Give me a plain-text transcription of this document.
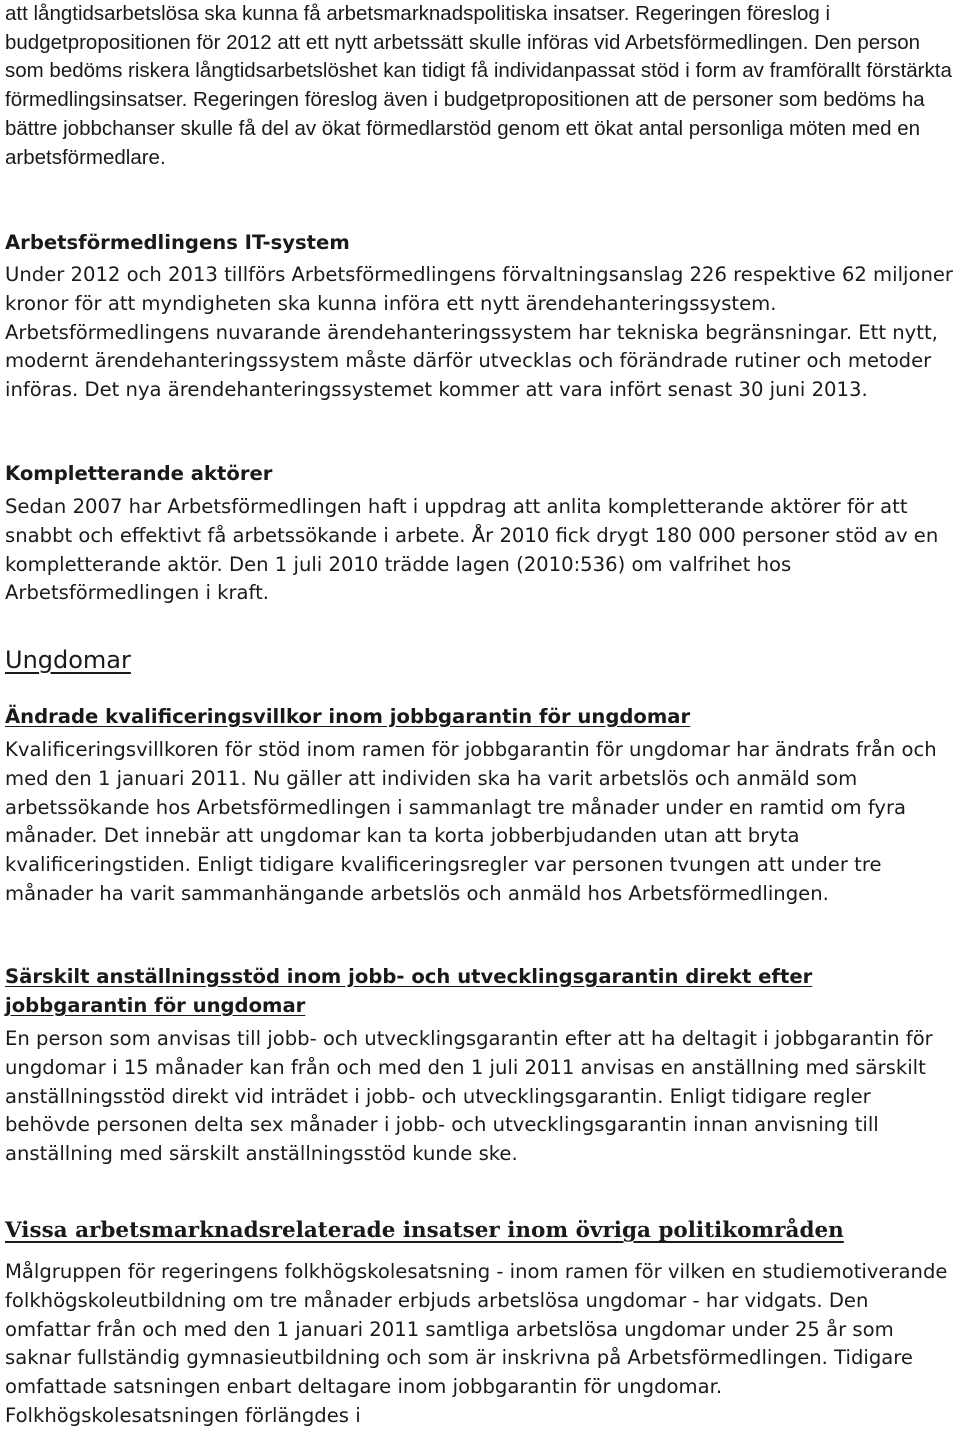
att långtidsarbetslösa ska kunna få arbetsmarknadspolitiska insatser. Regeringen föreslog i budgetpropositionen för 2012 att ett nytt arbetssätt skulle införas vid Arbetsförmedlingen. Den person som bedöms riskera långtidsarbetslöshet kan tidigt få individanpassat stöd i form av framförallt förstärkta förmedlingsinsatser. Regeringen föreslog även i budgetpropositionen att de personer som bedöms ha bättre jobbchanser skulle få del av ökat förmedlarstöd genom ett ökat antal personliga möten med en arbetsförmedlare.

Arbetsförmedlingens IT-system

Under 2012 och 2013 tillförs Arbetsförmedlingens förvaltningsanslag 226 respektive 62 miljoner kronor för att myndigheten ska kunna införa ett nytt ärendehanteringssystem. Arbetsförmedlingens nuvarande ärendehanteringssystem har tekniska begränsningar. Ett nytt, modernt ärendehanteringssystem måste därför utvecklas och förändrade rutiner och metoder införas. Det nya ärendehanteringssystemet kommer att vara infört senast 30 juni 2013.

Kompletterande aktörer

Sedan 2007 har Arbetsförmedlingen haft i uppdrag att anlita kompletterande aktörer för att snabbt och effektivt få arbetssökande i arbete. År 2010 fick drygt 180 000 personer stöd av en kompletterande aktör. Den 1 juli 2010 trädde lagen (2010:536) om valfrihet hos Arbetsförmedlingen i kraft.

Ungdomar
Ändrade kvalificeringsvillkor inom jobbgarantin för ungdomar

Kvalificeringsvillkoren för stöd inom ramen för jobbgarantin för ungdomar har ändrats från och med den 1 januari 2011. Nu gäller att individen ska ha varit arbetslös och anmäld som arbetssökande hos Arbetsförmedlingen i sammanlagt tre månader under en ramtid om fyra månader. Det innebär att ungdomar kan ta korta jobberbjudanden utan att bryta kvalificeringstiden. Enligt tidigare kvalificeringsregler var personen tvungen att under tre månader ha varit sammanhängande arbetslös och anmäld hos Arbetsförmedlingen.

Särskilt anställningsstöd inom jobb- och utvecklingsgarantin direkt efter jobbgarantin för ungdomar

En person som anvisas till jobb- och utvecklingsgarantin efter att ha deltagit i jobbgarantin för ungdomar i 15 månader kan från och med den 1 juli 2011 anvisas en anställning med särskilt anställningsstöd direkt vid inträdet i jobb- och utvecklingsgarantin. Enligt tidigare regler behövde personen delta sex månader i jobb- och utvecklingsgarantin innan anvisning till anställning med särskilt anställningsstöd kunde ske.

Vissa arbetsmarknadsrelaterade insatser inom övriga politikområden

Målgruppen för regeringens folkhögskolesatsning - inom ramen för vilken en studiemotiverande folkhögskoleutbildning om tre månader erbjuds arbetslösa ungdomar - har vidgats. Den omfattar från och med den 1 januari 2011 samtliga arbetslösa ungdomar under 25 år som saknar fullständig gymnasieutbildning och som är inskrivna på Arbetsförmedlingen. Tidigare omfattade satsningen enbart deltagare inom jobbgarantin för ungdomar. Folkhögskolesatsningen förlängdes i
